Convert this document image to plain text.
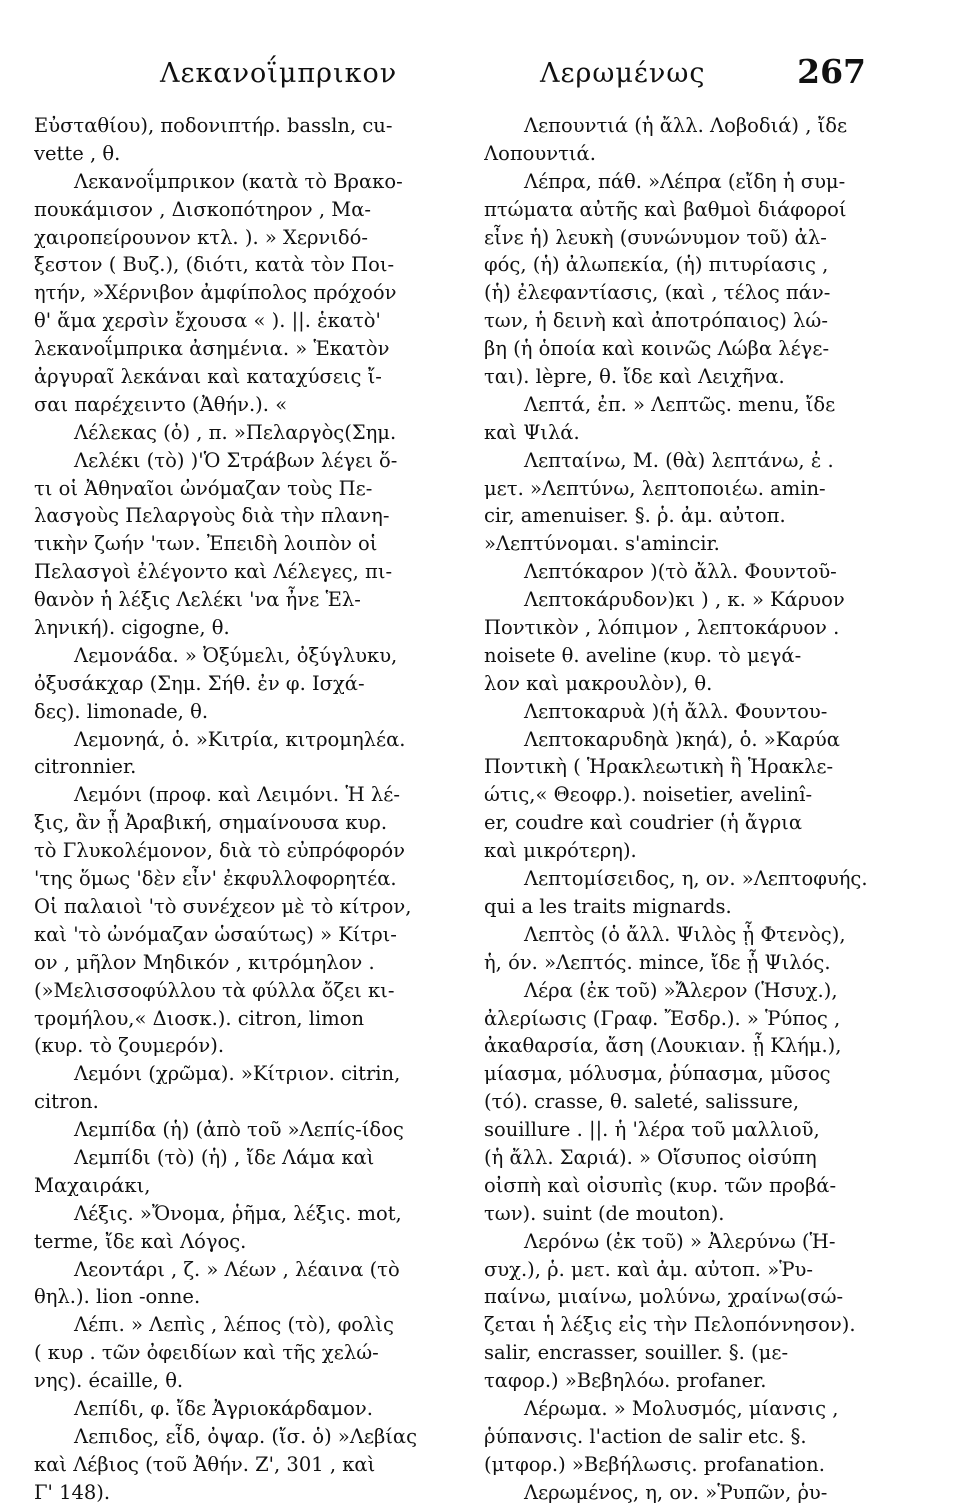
Λεκανοΐμπρικον	Λερωμένως	267
Εὐσταθίου), ποδονιπτήρ. bassln, cu-
vette , θ.
Λεκανοΐμπρικον (κατὰ τὸ Βρακο-
πουκάμισον , Δισκοπότηρον , Μα-
χαιροπείρουνον κτλ. ). » Χερνιδό-
ξεστον ( Βυζ.), (διότι, κατὰ τὸν Ποι-
ητήν, »Χέρνιβον ἀμφίπολος πρόχοόν
θ' ἅμα χερσὶν ἔχουσα « ). ||. ἑκατὸ'
λεκανοΐμπρικα ἀσημένια. » Ἑκατὸν
ἀργυραῖ λεκάναι καὶ καταχύσεις ἴ-
σαι παρέχειντο (Ἀθήν.). «
Λέλεκας (ὁ) , π. »Πελαργὸς(Σημ.
Λελέκι (τὸ) )'Ὁ Στράβων λέγει ὅ-
τι οἱ Ἀθηναῖοι ὠνόμαζαν τοὺς Πε-
λασγοὺς Πελαργοὺς διὰ τὴν πλανη-
τικὴν ζωήν 'των. Ἐπειδὴ λοιπὸν οἱ
Πελασγοὶ ἐλέγοντο καὶ Λέλεγες, πι-
θανὸν ἡ λέξις Λελέκι 'να ἦνε Ἑλ-
ληνική). cigogne, θ.
Λεμονάδα. » Ὀξύμελι, ὀξύγλυκυ,
ὀξυσάκχαρ (Σημ. Σήθ. ἐν φ. Ισχά-
δες). limonade, θ.
Λεμονηά, ὁ. »Κιτρία, κιτρομηλέα.
citronnier.
Λεμόνι (προφ. καὶ Λειμόνι. Ἡ λέ-
ξις, ἂν ᾗ Ἀραβική, σημαίνουσα κυρ.
τὸ Γλυκολέμονον, διὰ τὸ εὐπρόφορόν
'της ὅμως 'δὲν εἶν' ἐκφυλλοφορητέα.
Οἱ παλαιοὶ 'τὸ συνέχεον μὲ τὸ κίτρον,
καὶ 'τὸ ὠνόμαζαν ὡσαύτως) » Κίτρι-
ον , μῆλον Μηδικόν , κιτρόμηλον .
(»Μελισσοφύλλου τὰ φύλλα ὄζει κι-
τρομήλου,« Διοσκ.). citron, limon
(κυρ. τὸ ζουμερόν).
Λεμόνι (χρῶμα). »Κίτριον. citrin,
citron.
Λεμπίδα (ἡ) (ἀπὸ τοῦ »Λεπίς-ίδος
Λεμπίδι (τὸ) (ἡ) , ἴδε Λάμα καὶ
Μαχαιράκι,
Λέξις. »Ὄνομα, ῥῆμα, λέξις. mot,
terme, ἴδε καὶ Λόγος.
Λεοντάρι , ζ. » Λέων , λέαινα (τὸ
θηλ.). lion -onne.
Λέπι. » Λεπὶς , λέπος (τὸ), φολὶς
( κυρ . τῶν ὀφειδίων καὶ τῆς χελώ-
νης). écaille, θ.
Λεπίδι, φ. ἴδε Ἀγριοκάρδαμον.
Λεπιδος, εἶδ, ὀψαρ. (ἴσ. ὁ) »Λεβίας
καὶ Λέβιος (τοῦ Ἀθήν. Ζ', 301 , καὶ
Γ' 148).
Λεπουντιά (ἡ ἄλλ. Λοβοδιά) , ἴδε
Λοπουντιά.
Λέπρα, πάθ. »Λέπρα (εἴδη ἡ συμ-
πτώματα αὐτῆς καὶ βαθμοὶ διάφοροί
εἶνε ἡ) λευκὴ (συνώνυμον τοῦ) ἀλ-
φός, (ἡ) ἀλωπεκία, (ἡ) πιτυρίασις ,
(ἡ) ἐλεφαντίασις, (καὶ , τέλος πάν-
των, ἡ δεινὴ καὶ ἀποτρόπαιος) λώ-
βη (ἡ ὁποία καὶ κοινῶς Λώβα λέγε-
ται). lèpre, θ. ἴδε καὶ Λειχῆνα.
Λεπτά, ἐπ. » Λεπτῶς. menu, ἴδε
καὶ Ψιλά.
Λεπταίνω, Μ. (θὰ) λεπτάνω, ἐ .
μετ. »Λεπτύνω, λεπτοποιέω. amin-
cir, amenuiser. §. ῥ. ἀμ. αὐτοπ.
»Λεπτύνομαι. s'amincir.
Λεπτόκαρον )(τὸ ἄλλ. Φουντοῦ-
Λεπτοκάρυδον)κι ) , κ. » Κάρυον
Ποντικὸν , λόπιμον , λεπτοκάρυον .
noisete θ. aveline (κυρ. τὸ μεγά-
λον καὶ μακρουλὸν), θ.
Λεπτοκαρυὰ )(ἡ ἄλλ. Φουντου-
Λεπτοκαρυδηὰ )κηά), ὁ. »Καρύα
Ποντικὴ ( Ἡρακλεωτικὴ ἢ Ἡρακλε-
ώτις,« Θεοφρ.). noisetier, avelinî-
er, coudre καὶ coudrier (ἡ ἄγρια
καὶ μικρότερη).
Λεπτομίσειδος, η, ον. »Λεπτοφυής.
qui a les traits mignards.
Λεπτὸς (ὁ ἄλλ. Ψιλὸς ᾗ Φτενὸς),
ἡ, όν. »Λεπτός. mince, ἴδε ᾗ Ψιλός.
Λέρα (ἐκ τοῦ) »Ἄλερον (Ἡσυχ.),
ἀλερίωσις (Γραφ. Ἔσδρ.). » Ῥύπος ,
ἀκαθαρσία, ἄση (Λουκιαν. ᾗ Κλήμ.),
μίασμα, μόλυσμα, ῥύπασμα, μῦσος
(τό). crasse, θ. saleté, salissure,
souillure . ||. ἡ 'λέρα τοῦ μαλλιοῦ,
(ἡ ἄλλ. Σαριά). » Οἴσυπος οἰσύπη
οἰσπὴ καὶ οἰσυπὶς (κυρ. τῶν προβά-
των). suint (de mouton).
Λερόνω (ἐκ τοῦ) » Ἀλερύνω (Ἡ-
συχ.), ῥ. μετ. καὶ ἀμ. αὐτοπ. »Ῥυ-
παίνω, μιαίνω, μολύνω, χραίνω(σώ-
ζεται ἡ λέξις εἰς τὴν Πελοπόννησον).
salir, encrasser, souiller. §. (με-
ταφορ.) »Βεβηλόω. profaner.
Λέρωμα. » Μολυσμός, μίανσις ,
ῥύπανσις. l'action de salir etc. §.
(μτφορ.) »Βεβήλωσις. profanation.
Λερωμένος, η, ον. »Ῥυπῶν, ῥυ-
